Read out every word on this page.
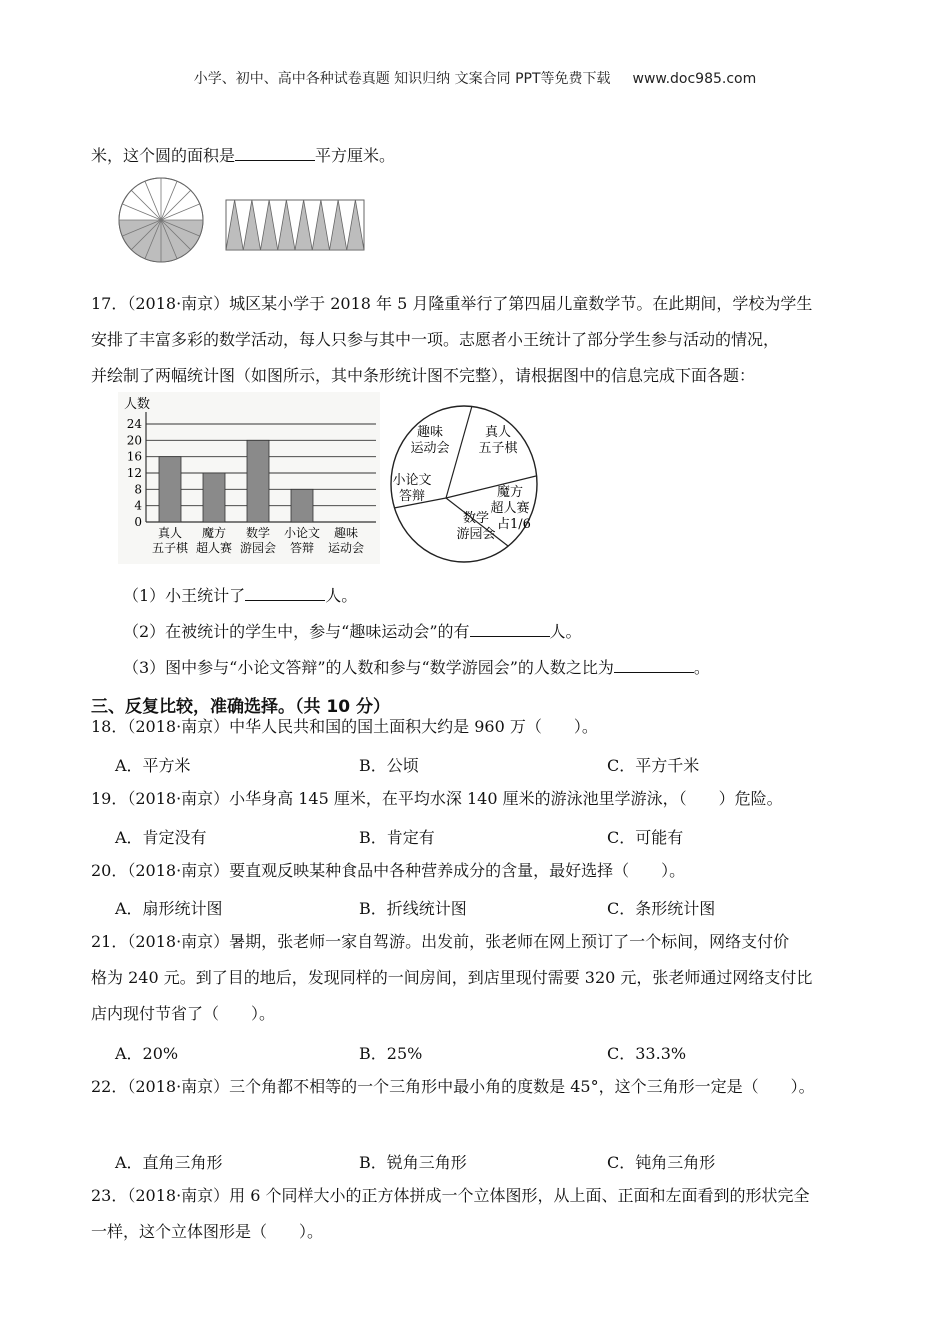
小学、初中、高中各种试卷真题 知识归纳 文案合同 PPT等免费下载 www.doc985.com
米，这个圆的面积是	平方厘米。
17．（2018·南京）城区某小学于 2018 年 5 月隆重举行了第四届儿童数学节。在此期间，学校为学生
安排了丰富多彩的数学活动，每人只参与其中一项。志愿者小王统计了部分学生参与活动的情况，
并绘制了两幅统计图（如图所示，其中条形统计图不完整），请根据图中的信息完成下面各题：
人数
0
4
8
12
16
20
24
真人
五子棋
魔方
超人赛
数学
游园会
小论文
答辩
趣味
运动会
趣味
运动会
真人
五子棋
魔方
超人赛
数学
游园会
小论文
答辩
占1/6
（1）小王统计了	人。
（2）在被统计的学生中，参与“趣味运动会”的有	人。
（3）图中参与“小论文答辩”的人数和参与“数学游园会”的人数之比为	。
三、反复比较，准确选择。（共 10 分）
18．（2018·南京）中华人民共和国的国土面积大约是 960 万（　　）。
A．平方米	B．公顷	C．平方千米
19．（2018·南京）小华身高 145 厘米，在平均水深 140 厘米的游泳池里学游泳，（　　）危险。
A．肯定没有	B．肯定有	C．可能有
20．（2018·南京）要直观反映某种食品中各种营养成分的含量，最好选择（　　）。
A．扇形统计图	B．折线统计图	C．条形统计图
21．（2018·南京）暑期，张老师一家自驾游。出发前，张老师在网上预订了一个标间，网络支付价
格为 240 元。到了目的地后，发现同样的一间房间，到店里现付需要 320 元，张老师通过网络支付比
店内现付节省了（　　）。
A．20%	B．25%	C．33.3%
22．（2018·南京）三个角都不相等的一个三角形中最小角的度数是 45°，这个三角形一定是（　　）。
A．直角三角形	B．锐角三角形	C．钝角三角形
23．（2018·南京）用 6 个同样大小的正方体拼成一个立体图形，从上面、正面和左面看到的形状完全
一样，这个立体图形是（　　）。
